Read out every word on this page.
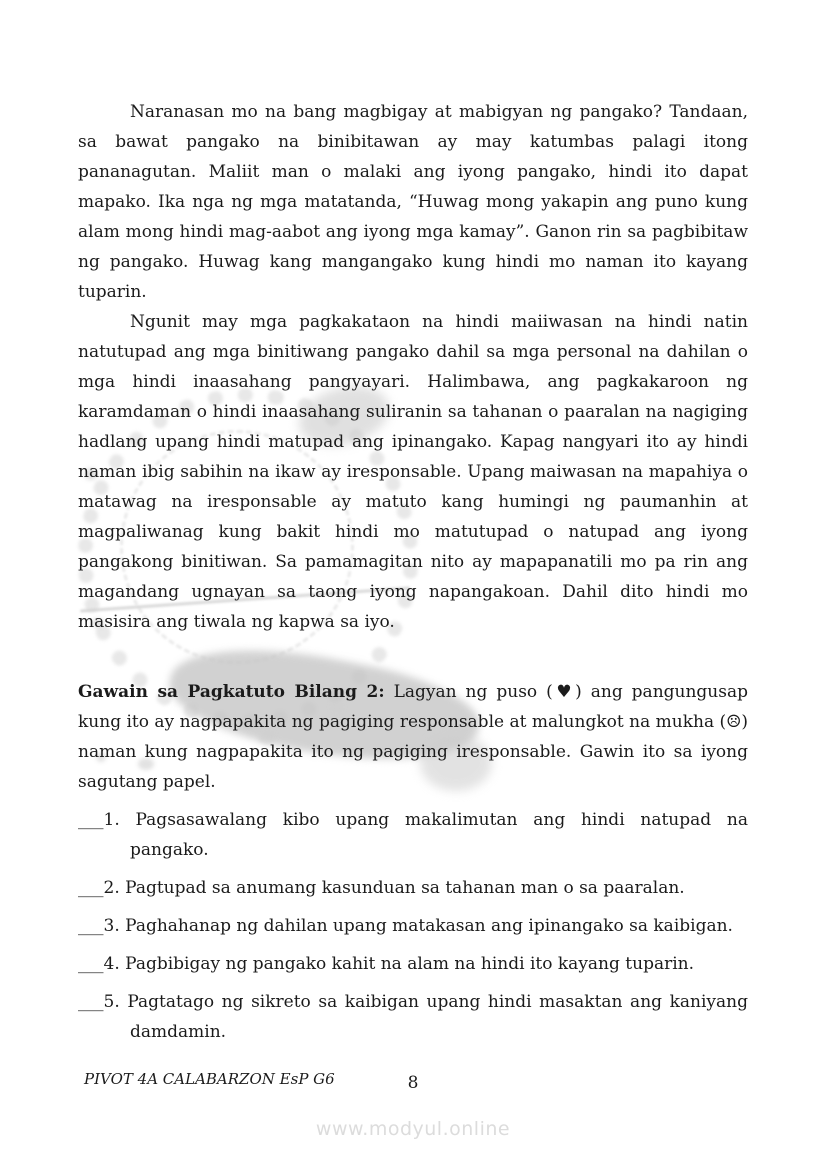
Naranasan mo na bang magbigay at mabigyan ng pangako? Tandaan, sa bawat pangako na binibitawan ay may katumbas palagi itong pananagutan. Maliit man o malaki ang iyong pangako, hindi ito dapat mapako. Ika nga ng mga matatanda, “Huwag mong yakapin ang puno kung alam mong hindi mag-aabot ang iyong mga kamay”. Ganon rin sa pagbibitaw ng pangako. Huwag kang mangangako kung hindi mo naman ito kayang tuparin.

Ngunit may mga pagkakataon na hindi maiiwasan na hindi natin natutupad ang mga binitiwang pangako dahil sa mga personal na dahilan o mga hindi inaasahang pangyayari. Halimbawa, ang pagkakaroon ng karamdaman o hindi inaasahang suliranin sa tahanan o paaralan na nagiging hadlang upang hindi matupad ang ipinangako. Kapag nangyari ito ay hindi naman ibig sabihin na ikaw ay iresponsable. Upang maiwasan na mapahiya o matawag na iresponsable ay matuto kang humingi ng paumanhin at magpaliwanag kung bakit hindi mo matutupad o natupad ang iyong pangakong binitiwan. Sa pamamagitan nito ay mapapanatili mo pa rin ang magandang ugnayan sa taong iyong napangakoan. Dahil dito hindi mo masisira ang tiwala ng kapwa sa iyo.

Gawain sa Pagkatuto Bilang 2: Lagyan ng puso (♥) ang pangungusap kung ito ay nagpapakita ng pagiging responsable at malungkot na mukha (☹) naman kung nagpapakita ito ng pagiging iresponsable. Gawin ito sa iyong sagutang papel.

___1. Pagsasawalang kibo upang makalimutan ang hindi natupad na pangako.
___2. Pagtupad sa anumang kasunduan sa tahanan man o sa paaralan.
___3. Paghahanap ng dahilan upang matakasan ang ipinangako sa kaibigan.
___4. Pagbibigay ng pangako kahit na alam na hindi ito kayang tuparin.
___5. Pagtatago ng sikreto sa kaibigan upang hindi masaktan ang kaniyang damdamin.
PIVOT 4A CALABARZON EsP G6	8
www.modyul.online
